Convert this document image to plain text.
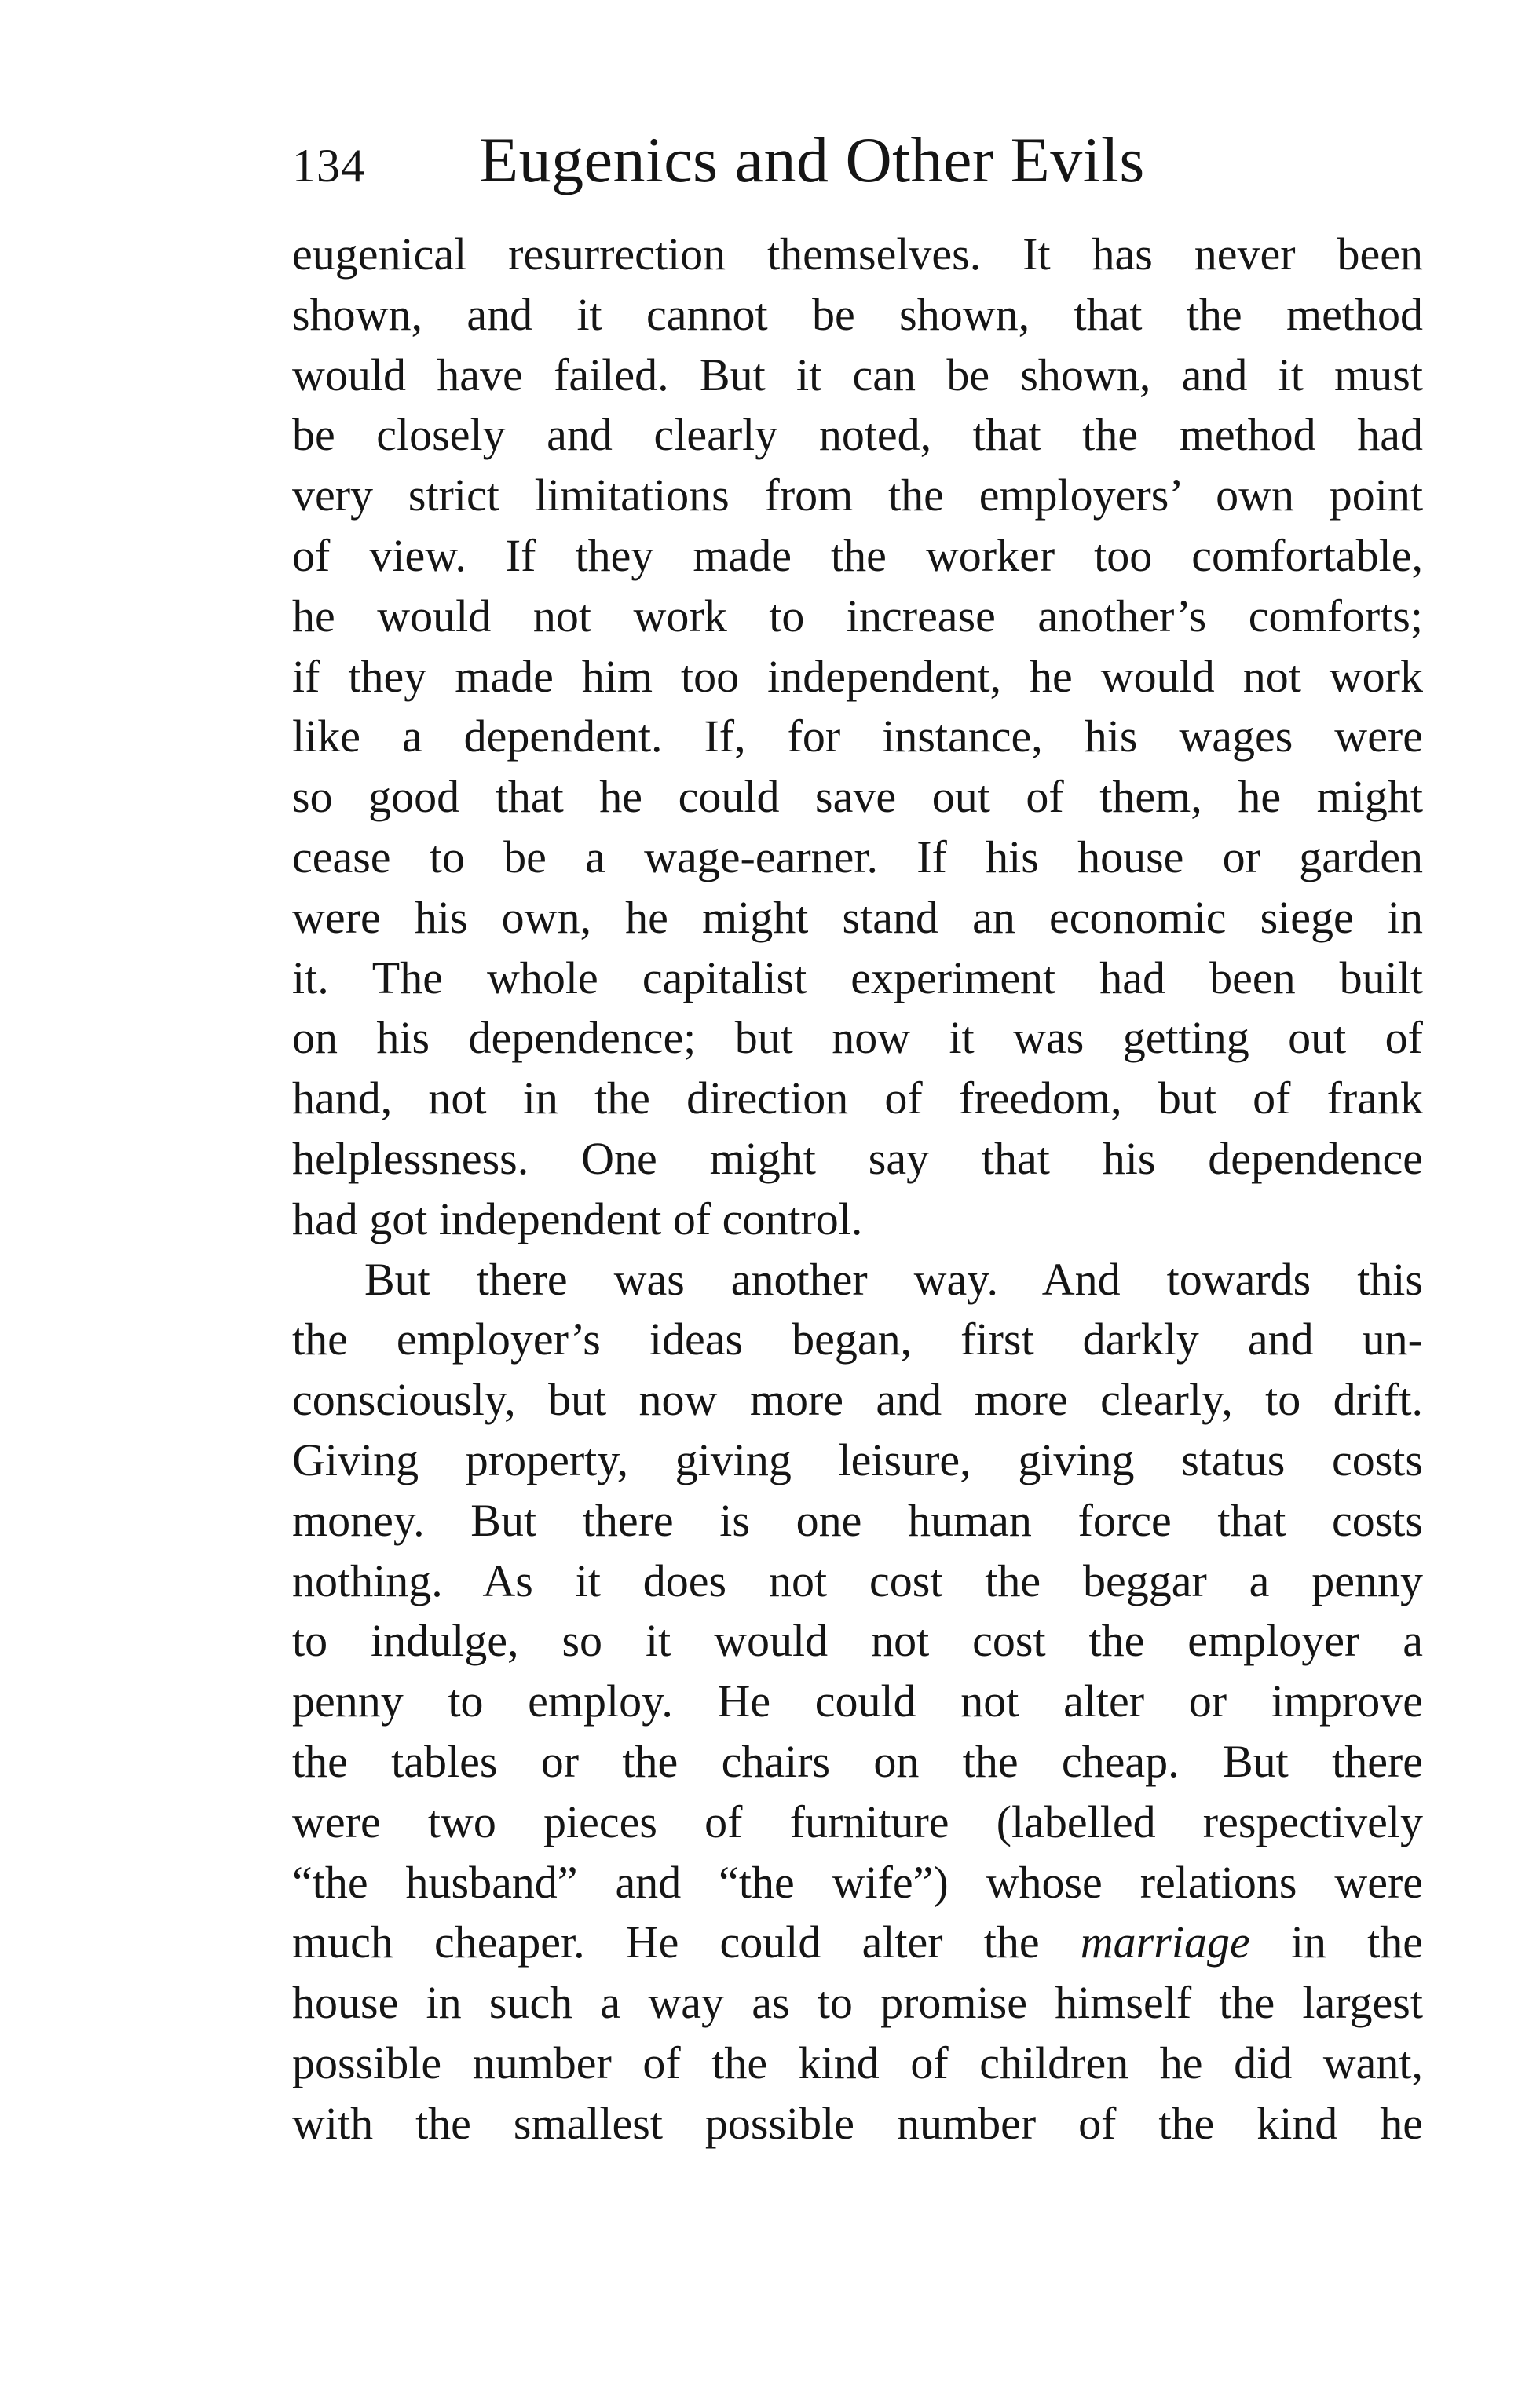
134 Eugenics and Other Evils
eugenical resurrection themselves. It has never been
shown, and it cannot be shown, that the method
would have failed. But it can be shown, and it must
be closely and clearly noted, that the method had
very strict limitations from the employers’ own point
of view. If they made the worker too comfortable,
he would not work to increase another’s comforts;
if they made him too independent, he would not work
like a dependent. If, for instance, his wages were
so good that he could save out of them, he might
cease to be a wage-earner. If his house or garden
were his own, he might stand an economic siege in
it. The whole capitalist experiment had been built
on his dependence; but now it was getting out of
hand, not in the direction of freedom, but of frank
helplessness. One might say that his dependence
had got independent of control.
But there was another way. And towards this
the employer’s ideas began, first darkly and un-
consciously, but now more and more clearly, to drift.
Giving property, giving leisure, giving status costs
money. But there is one human force that costs
nothing. As it does not cost the beggar a penny
to indulge, so it would not cost the employer a
penny to employ. He could not alter or improve
the tables or the chairs on the cheap. But there
were two pieces of furniture (labelled respectively
“the husband” and “the wife”) whose relations were
much cheaper. He could alter the marriage in the
house in such a way as to promise himself the largest
possible number of the kind of children he did want,
with the smallest possible number of the kind he
